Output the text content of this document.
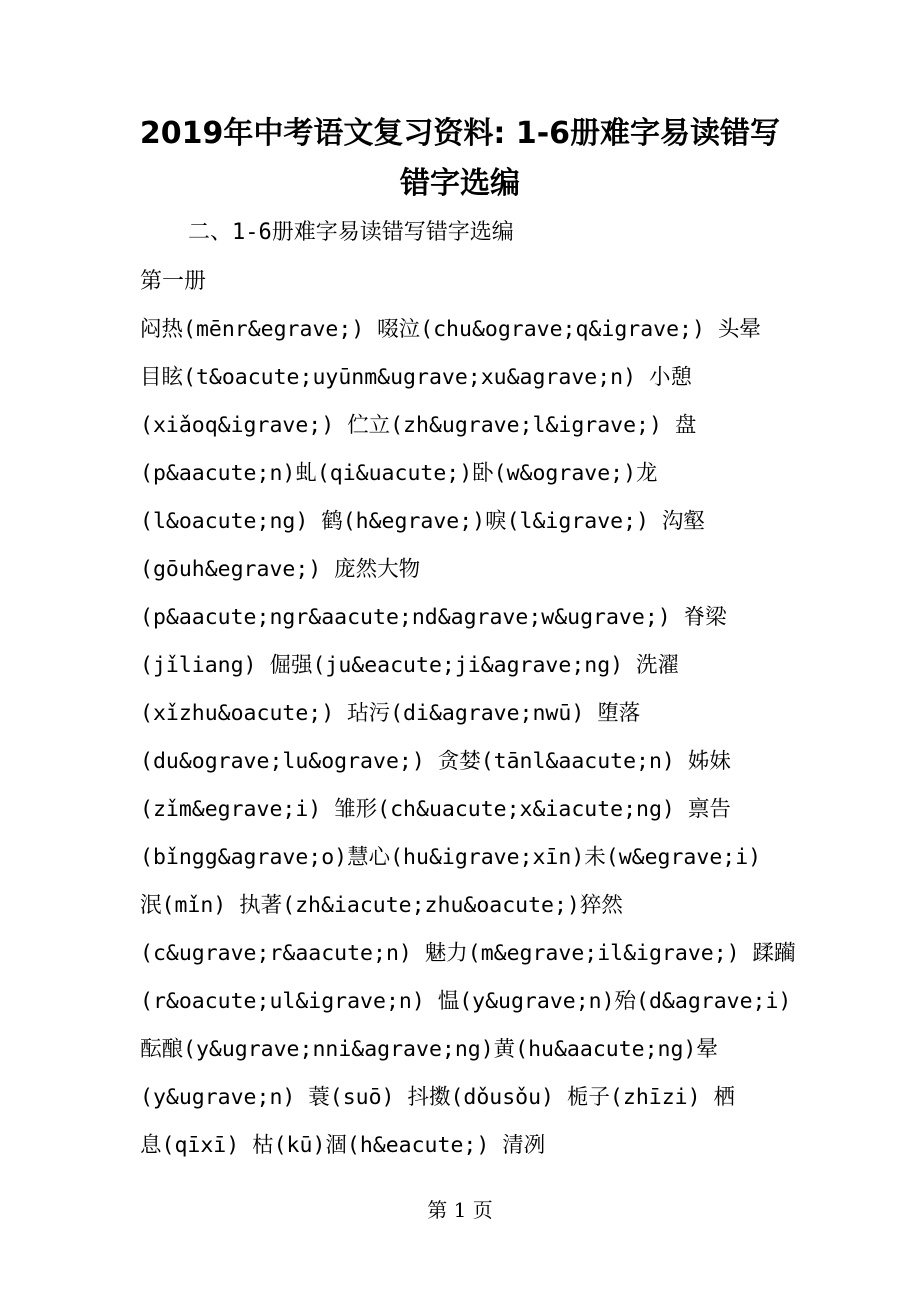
2019年中考语文复习资料: 1-6册难字易读错写
错字选编
二、1-6册难字易读错写错字选编
第一册
闷热(mēnr&egrave;) 啜泣(chu&ograve;q&igrave;) 头晕
目眩(t&oacute;uyūnm&ugrave;xu&agrave;n) 小憩
(xiǎoq&igrave;) 伫立(zh&ugrave;l&igrave;) 盘
(p&aacute;n)虬(qi&uacute;)卧(w&ograve;)龙
(l&oacute;ng) 鹤(h&egrave;)唳(l&igrave;) 沟壑
(gōuh&egrave;) 庞然大物
(p&aacute;ngr&aacute;nd&agrave;w&ugrave;) 脊梁
(jǐliang) 倔强(ju&eacute;ji&agrave;ng) 洗濯
(xǐzhu&oacute;) 玷污(di&agrave;nwū) 堕落
(du&ograve;lu&ograve;) 贪婪(tānl&aacute;n) 姊妹
(zǐm&egrave;i) 雏形(ch&uacute;x&iacute;ng) 禀告
(bǐngg&agrave;o)慧心(hu&igrave;xīn)未(w&egrave;i)
泯(mǐn) 执著(zh&iacute;zhu&oacute;)猝然
(c&ugrave;r&aacute;n) 魅力(m&egrave;il&igrave;) 蹂躏
(r&oacute;ul&igrave;n) 愠(y&ugrave;n)殆(d&agrave;i)
酝酿(y&ugrave;nni&agrave;ng)黄(hu&aacute;ng)晕
(y&ugrave;n) 蓑(suō) 抖擞(dǒusǒu) 栀子(zhīzi) 栖
息(qīxī) 枯(kū)涸(h&eacute;) 清冽
第 1 页
